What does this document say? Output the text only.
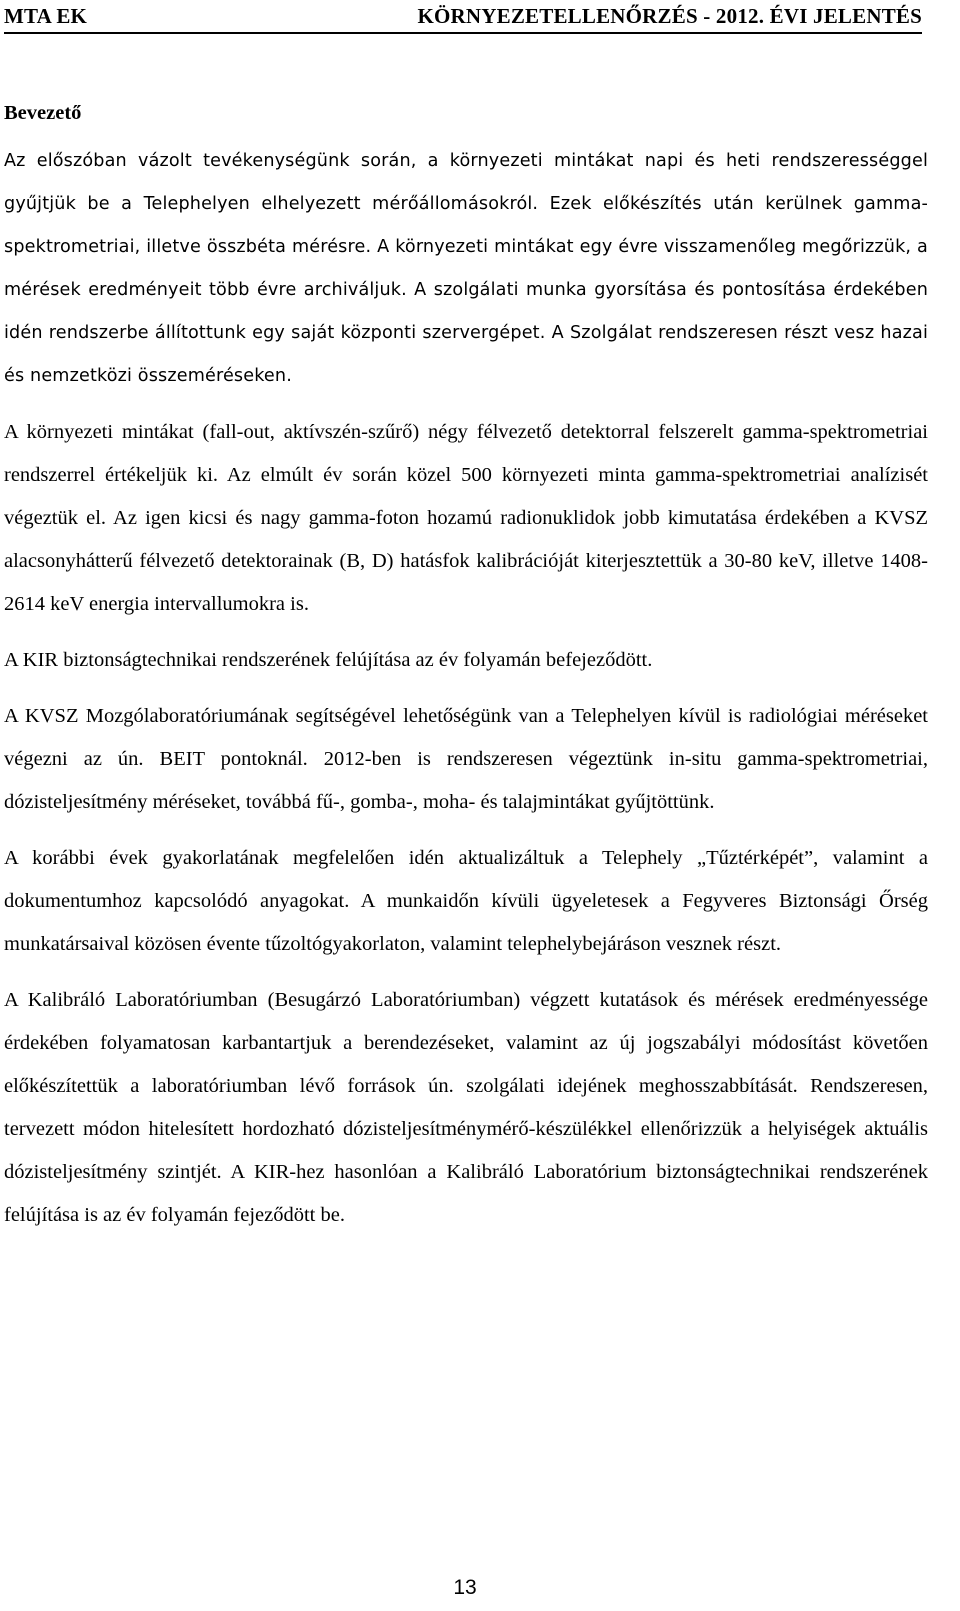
MTA EK	KÖRNYEZETELLENŐRZÉS - 2012. ÉVI JELENTÉS
Bevezető

Az előszóban vázolt tevékenységünk során, a környezeti mintákat napi és heti rendszerességgel gyűjtjük be a Telephelyen elhelyezett mérőállomásokról. Ezek előkészítés után kerülnek gamma-spektrometriai, illetve összbéta mérésre. A környezeti mintákat egy évre visszamenőleg megőrizzük, a mérések eredményeit több évre archiváljuk. A szolgálati munka gyorsítása és pontosítása érdekében idén rendszerbe állítottunk egy saját központi szervergépet. A Szolgálat rendszeresen részt vesz hazai és nemzetközi összeméréseken.

A környezeti mintákat (fall-out, aktívszén-szűrő) négy félvezető detektorral felszerelt gamma-spektrometriai rendszerrel értékeljük ki. Az elmúlt év során közel 500 környezeti minta gamma-spektrometriai analízisét végeztük el. Az igen kicsi és nagy gamma-foton hozamú radionuklidok jobb kimutatása érdekében a KVSZ alacsonyhátterű félvezető detektorainak (B, D) hatásfok kalibrációját kiterjesztettük a 30-80 keV, illetve 1408-2614 keV energia intervallumokra is.

A KIR biztonságtechnikai rendszerének felújítása az év folyamán befejeződött.

A KVSZ Mozgólaboratóriumának segítségével lehetőségünk van a Telephelyen kívül is radiológiai méréseket végezni az ún. BEIT pontoknál. 2012-ben is rendszeresen végeztünk in-situ gamma-spektrometriai, dózisteljesítmény méréseket, továbbá fű-, gomba-, moha- és talajmintákat gyűjtöttünk.

A korábbi évek gyakorlatának megfelelően idén aktualizáltuk a Telephely „Tűztérképét”, valamint a dokumentumhoz kapcsolódó anyagokat. A munkaidőn kívüli ügyeletesek a Fegyveres Biztonsági Őrség munkatársaival közösen évente tűzoltógyakorlaton, valamint telephelybejáráson vesznek részt.

A Kalibráló Laboratóriumban (Besugárzó Laboratóriumban) végzett kutatások és mérések eredményessége érdekében folyamatosan karbantartjuk a berendezéseket, valamint az új jogszabályi módosítást követően előkészítettük a laboratóriumban lévő források ún. szolgálati idejének meghosszabbítását. Rendszeresen, tervezett módon hitelesített hordozható dózisteljesítménymérő-készülékkel ellenőrizzük a helyiségek aktuális dózisteljesítmény szintjét. A KIR-hez hasonlóan a Kalibráló Laboratórium biztonságtechnikai rendszerének felújítása is az év folyamán fejeződött be.

13
